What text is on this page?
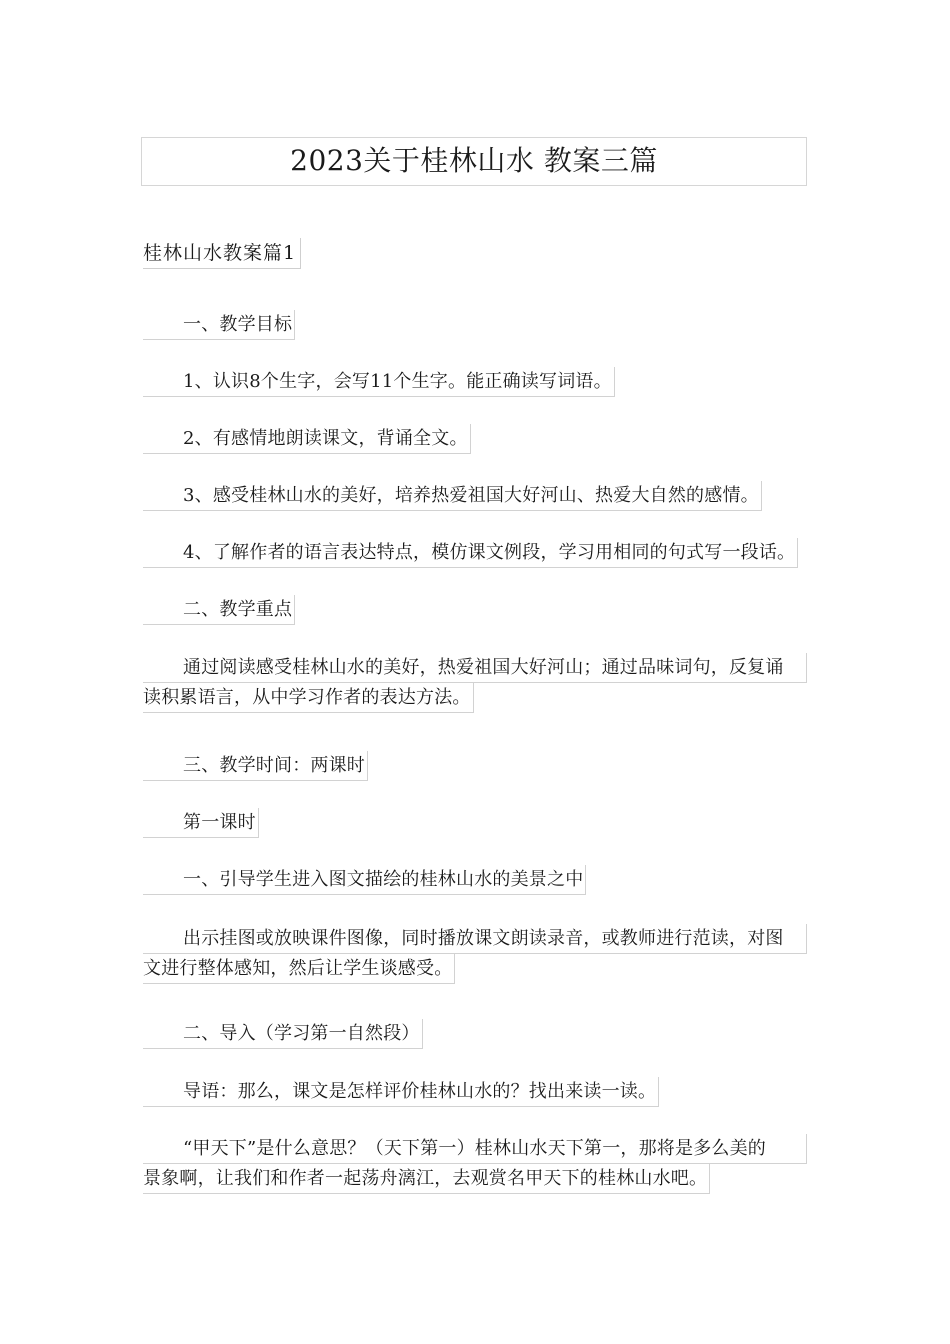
2023关于桂林山水 教案三篇
桂林山水教案篇1
一、教学目标
1、认识8个生字，会写11个生字。能正确读写词语。
2、有感情地朗读课文，背诵全文。
3、感受桂林山水的美好，培养热爱祖国大好河山、热爱大自然的感情。
4、了解作者的语言表达特点，模仿课文例段，学习用相同的句式写一段话。
二、教学重点
通过阅读感受桂林山水的美好，热爱祖国大好河山；通过品味词句，反复诵
读积累语言，从中学习作者的表达方法。
三、教学时间：两课时
第一课时
一、引导学生进入图文描绘的桂林山水的美景之中
出示挂图或放映课件图像，同时播放课文朗读录音，或教师进行范读，对图
文进行整体感知，然后让学生谈感受。
二、导入（学习第一自然段）
导语：那么，课文是怎样评价桂林山水的？找出来读一读。
“甲天下”是什么意思？（天下第一）桂林山水天下第一，那将是多么美的
景象啊，让我们和作者一起荡舟漓江，去观赏名甲天下的桂林山水吧。
